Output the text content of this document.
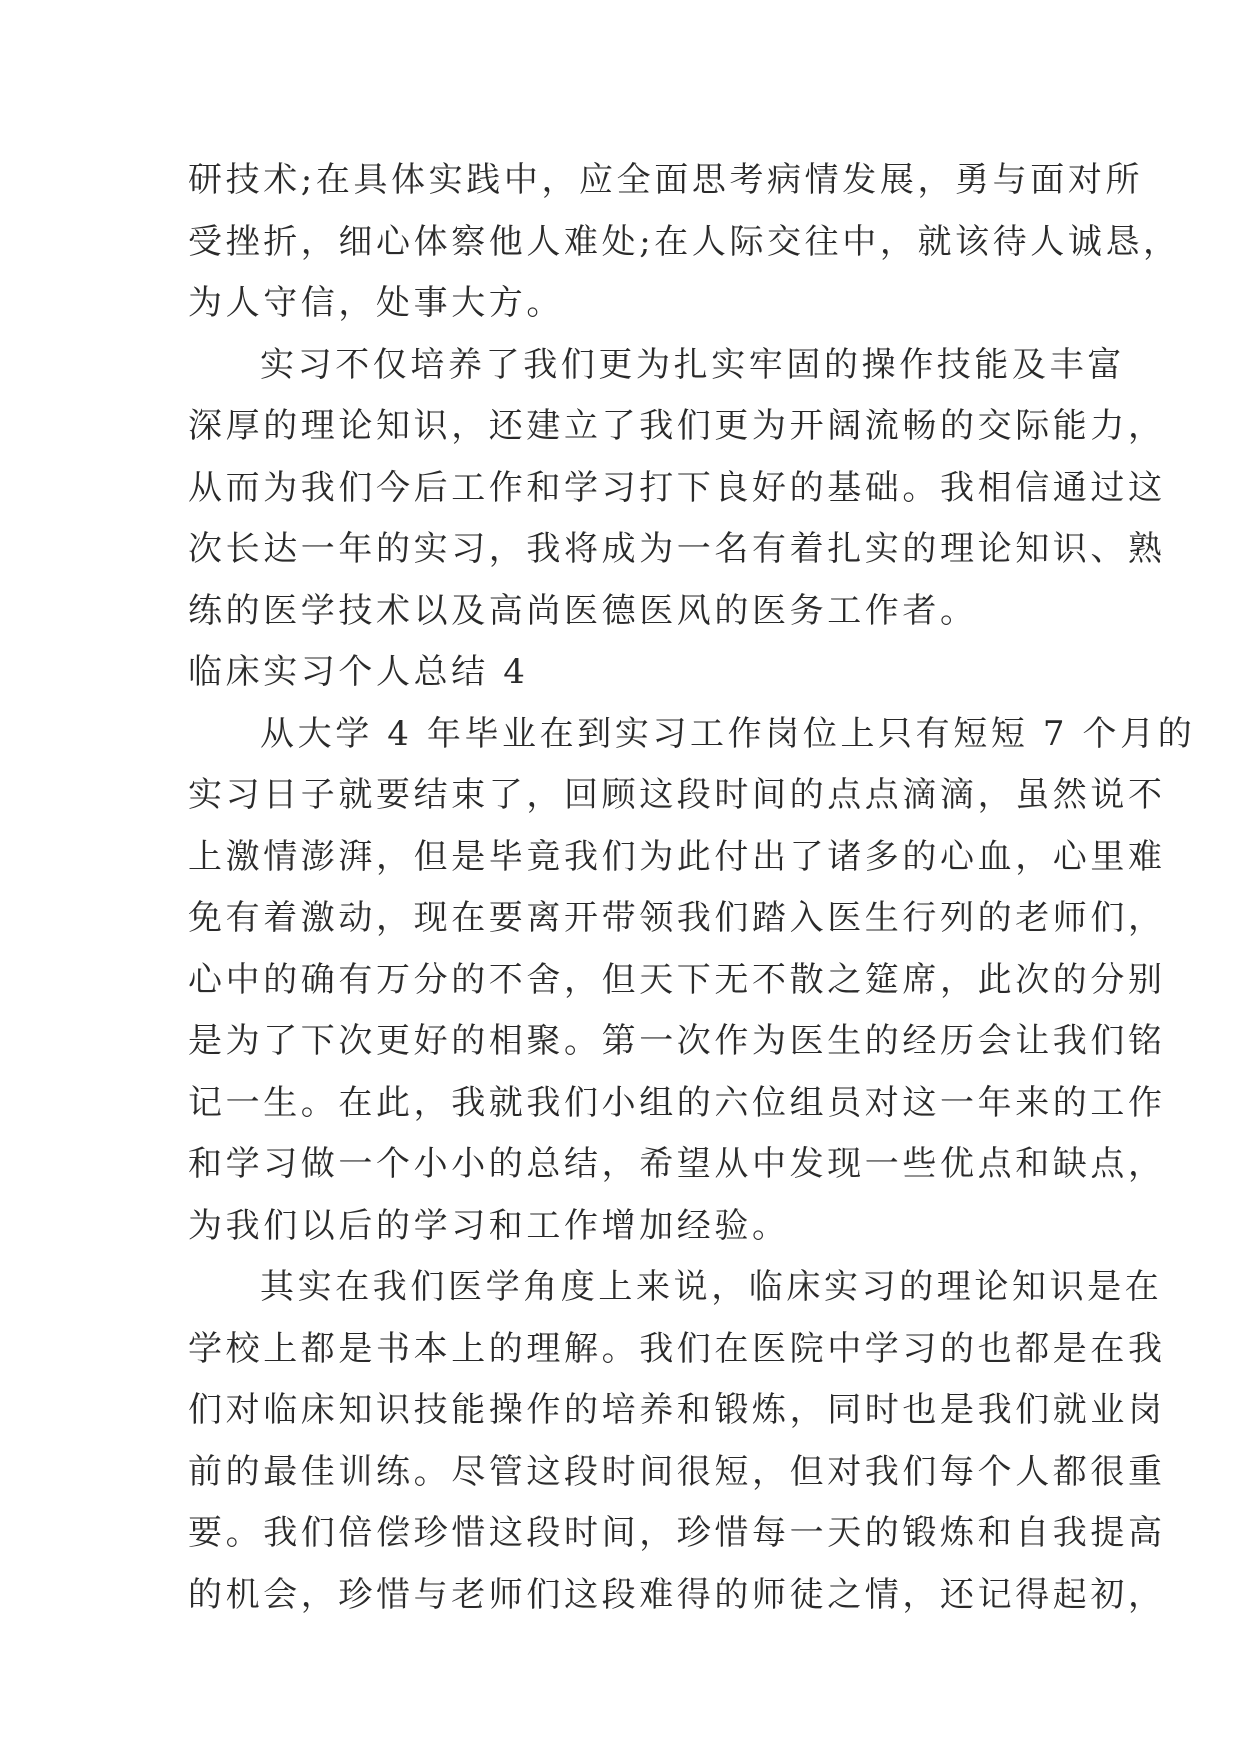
研技术;在具体实践中，应全面思考病情发展，勇与面对所
受挫折，细心体察他人难处;在人际交往中，就该待人诚恳，
为人守信，处事大方。
实习不仅培养了我们更为扎实牢固的操作技能及丰富
深厚的理论知识，还建立了我们更为开阔流畅的交际能力，
从而为我们今后工作和学习打下良好的基础。我相信通过这
次长达一年的实习，我将成为一名有着扎实的理论知识、熟
练的医学技术以及高尚医德医风的医务工作者。
临床实习个人总结 4
从大学 4 年毕业在到实习工作岗位上只有短短 7 个月的
实习日子就要结束了，回顾这段时间的点点滴滴，虽然说不
上激情澎湃，但是毕竟我们为此付出了诸多的心血，心里难
免有着激动，现在要离开带领我们踏入医生行列的老师们，
心中的确有万分的不舍，但天下无不散之筵席，此次的分别
是为了下次更好的相聚。第一次作为医生的经历会让我们铭
记一生。在此，我就我们小组的六位组员对这一年来的工作
和学习做一个小小的总结，希望从中发现一些优点和缺点，
为我们以后的学习和工作增加经验。
其实在我们医学角度上来说，临床实习的理论知识是在
学校上都是书本上的理解。我们在医院中学习的也都是在我
们对临床知识技能操作的培养和锻炼，同时也是我们就业岗
前的最佳训练。尽管这段时间很短，但对我们每个人都很重
要。我们倍偿珍惜这段时间，珍惜每一天的锻炼和自我提高
的机会，珍惜与老师们这段难得的师徒之情，还记得起初，
